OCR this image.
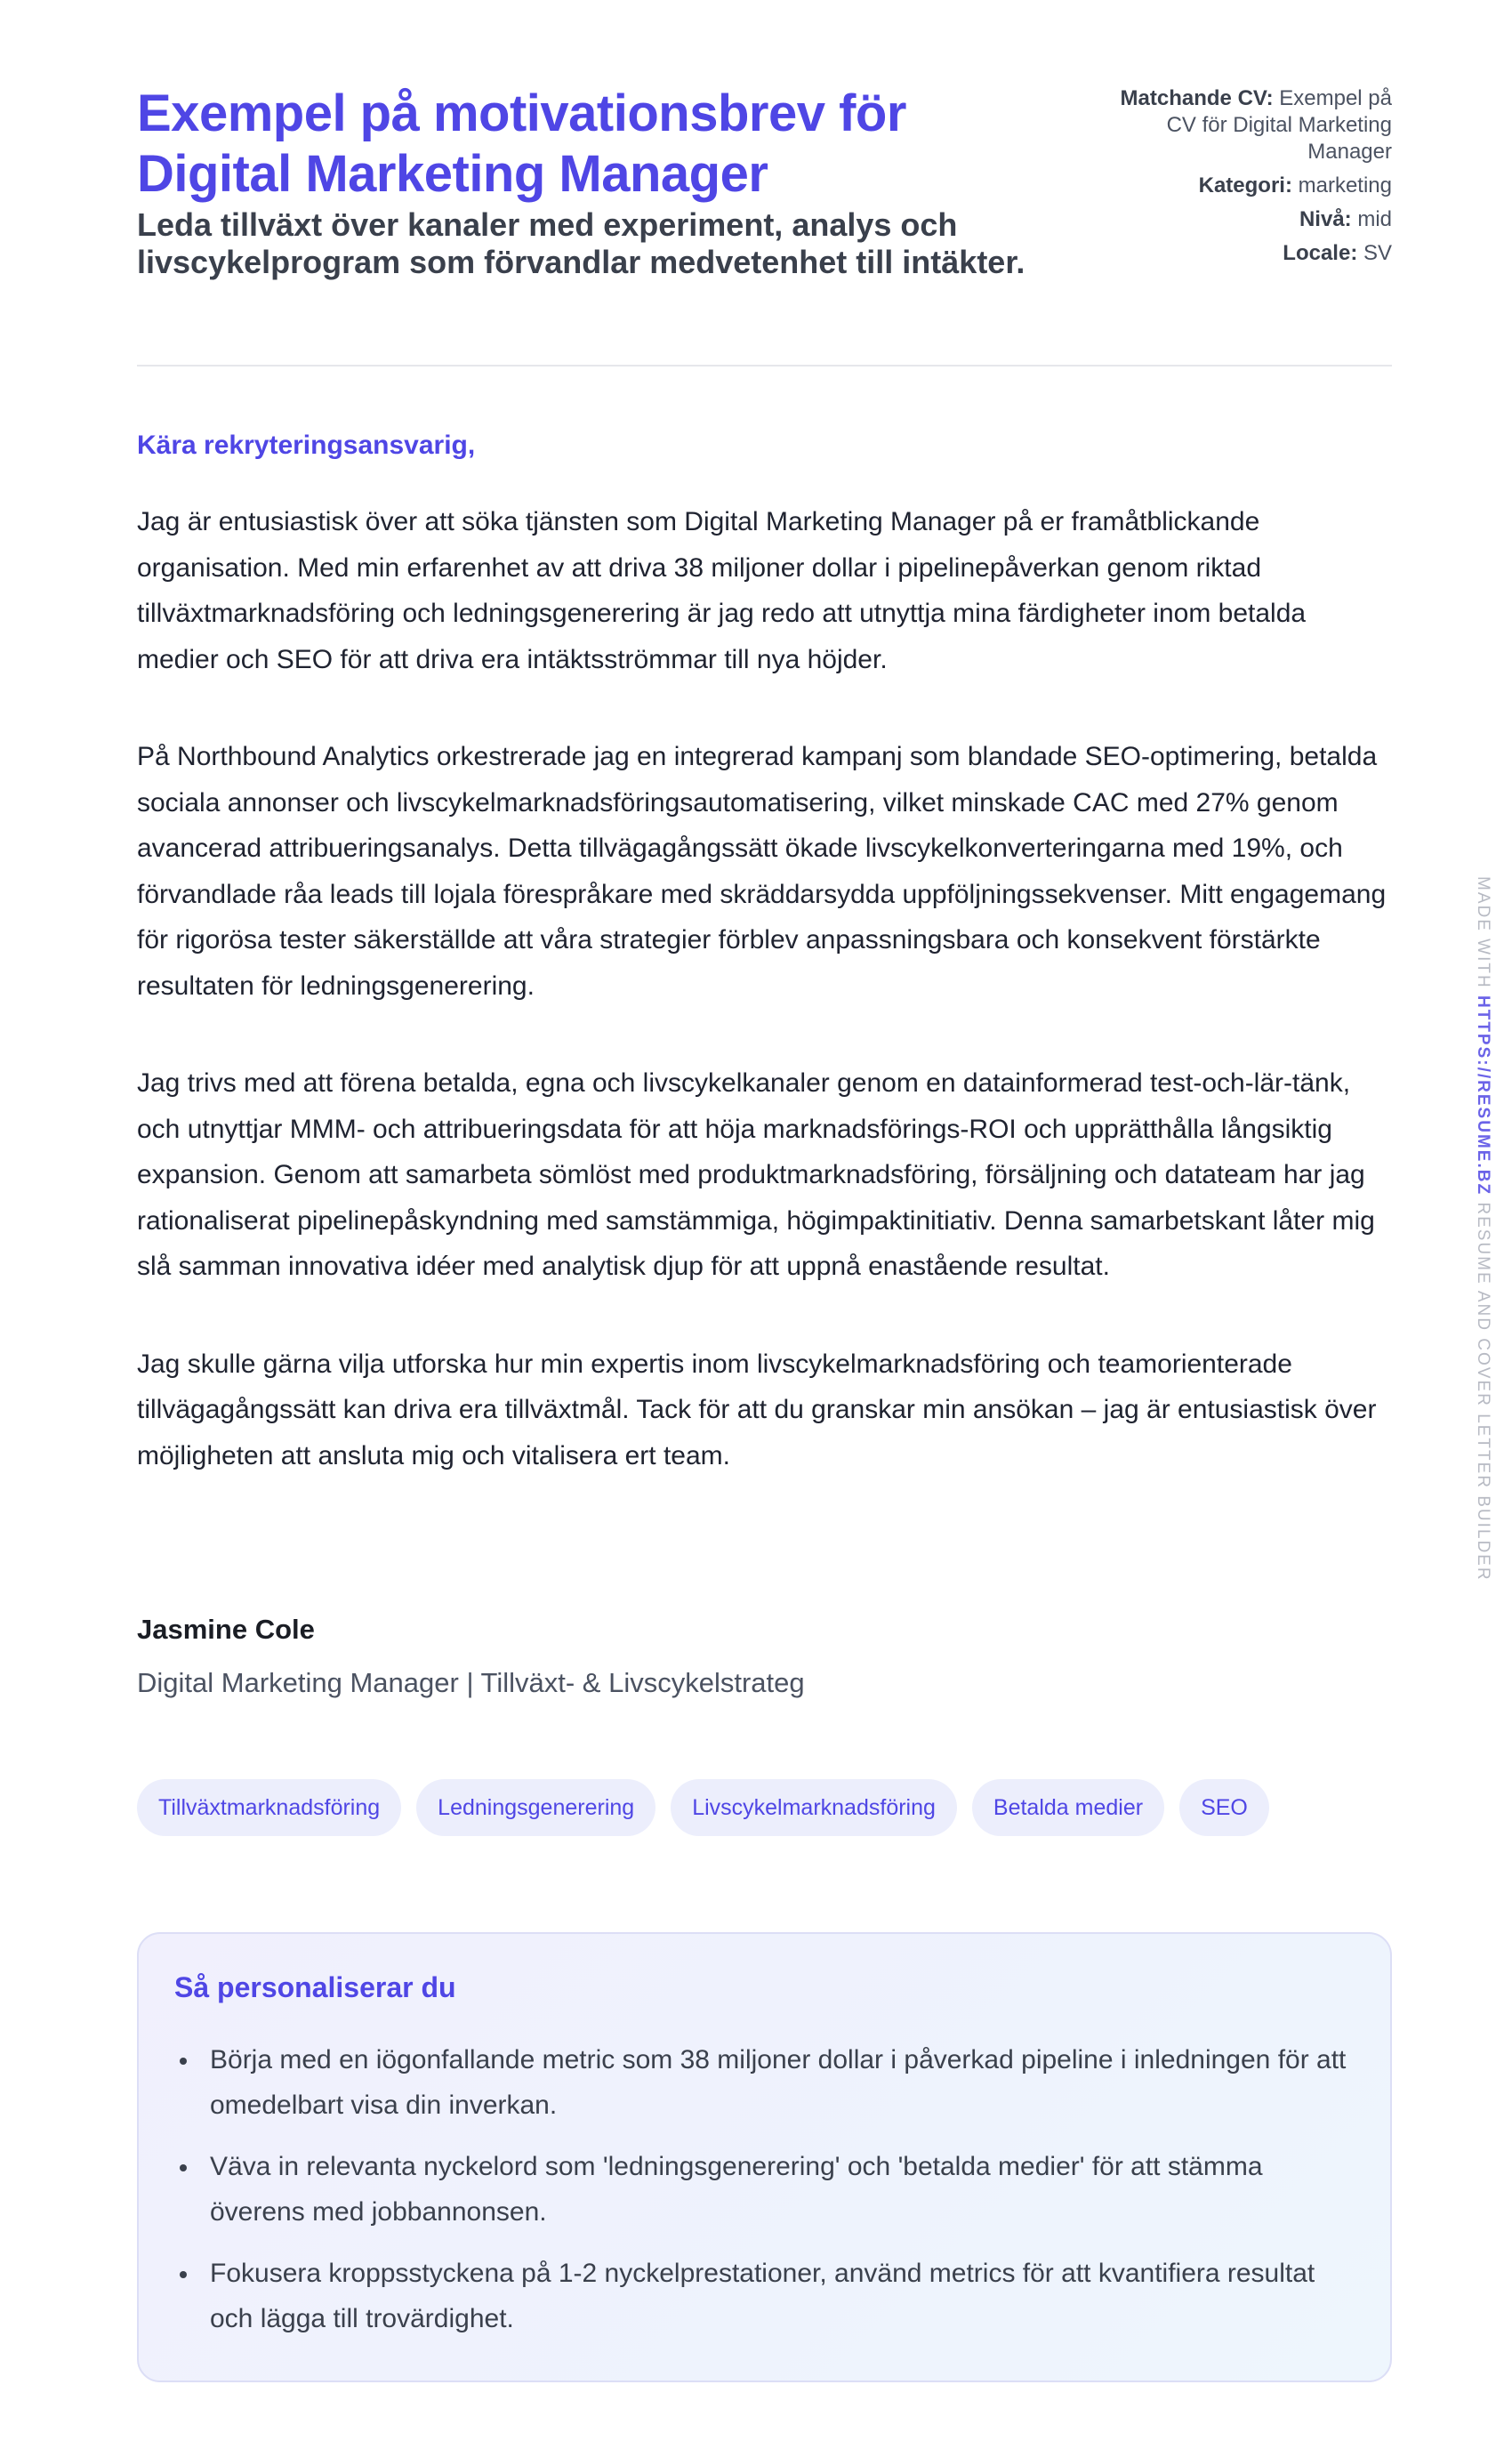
Exempel på motivationsbrev för Digital Marketing Manager
Leda tillväxt över kanaler med experiment, analys och livscykelprogram som förvandlar medvetenhet till intäkter.
Matchande CV: Exempel på CV för Digital Marketing Manager
Kategori: marketing
Nivå: mid
Locale: SV
Kära rekryteringsansvarig,

Jag är entusiastisk över att söka tjänsten som Digital Marketing Manager på er framåtblickande organisation. Med min erfarenhet av att driva 38 miljoner dollar i pipelinepåverkan genom riktad tillväxtmarknadsföring och ledningsgenerering är jag redo att utnyttja mina färdigheter inom betalda medier och SEO för att driva era intäktsströmmar till nya höjder.

På Northbound Analytics orkestrerade jag en integrerad kampanj som blandade SEO-optimering, betalda sociala annonser och livscykelmarknadsföringsautomatisering, vilket minskade CAC med 27% genom avancerad attribueringsanalys. Detta tillvägagångssätt ökade livscykelkonverteringarna med 19%, och förvandlade råa leads till lojala förespråkare med skräddarsydda uppföljningssekvenser. Mitt engagemang för rigorösa tester säkerställde att våra strategier förblev anpassningsbara och konsekvent förstärkte resultaten för ledningsgenerering.

Jag trivs med att förena betalda, egna och livscykelkanaler genom en datainformerad test-och-lär-tänk, och utnyttjar MMM- och attribueringsdata för att höja marknadsförings-ROI och upprätthålla långsiktig expansion. Genom att samarbeta sömlöst med produktmarknadsföring, försäljning och datateam har jag rationaliserat pipelinepåskyndning med samstämmiga, högimpaktinitiativ. Denna samarbetskant låter mig slå samman innovativa idéer med analytisk djup för att uppnå enastående resultat.

Jag skulle gärna vilja utforska hur min expertis inom livscykelmarknadsföring och teamorienterade tillvägagångssätt kan driva era tillväxtmål. Tack för att du granskar min ansökan – jag är entusiastisk över möjligheten att ansluta mig och vitalisera ert team.

Jasmine Cole
Digital Marketing Manager | Tillväxt- & Livscykelstrateg
Tillväxtmarknadsföring	Ledningsgenerering	Livscykelmarknadsföring	Betalda medier	SEO
Så personaliserar du
Börja med en iögonfallande metric som 38 miljoner dollar i påverkad pipeline i inledningen för att omedelbart visa din inverkan.
Väva in relevanta nyckelord som 'ledningsgenerering' och 'betalda medier' för att stämma överens med jobbannonsen.
Fokusera kroppsstyckena på 1-2 nyckelprestationer, använd metrics för att kvantifiera resultat och lägga till trovärdighet.
MADE WITH HTTPS://RESUME.BZ RESUME AND COVER LETTER BUILDER
